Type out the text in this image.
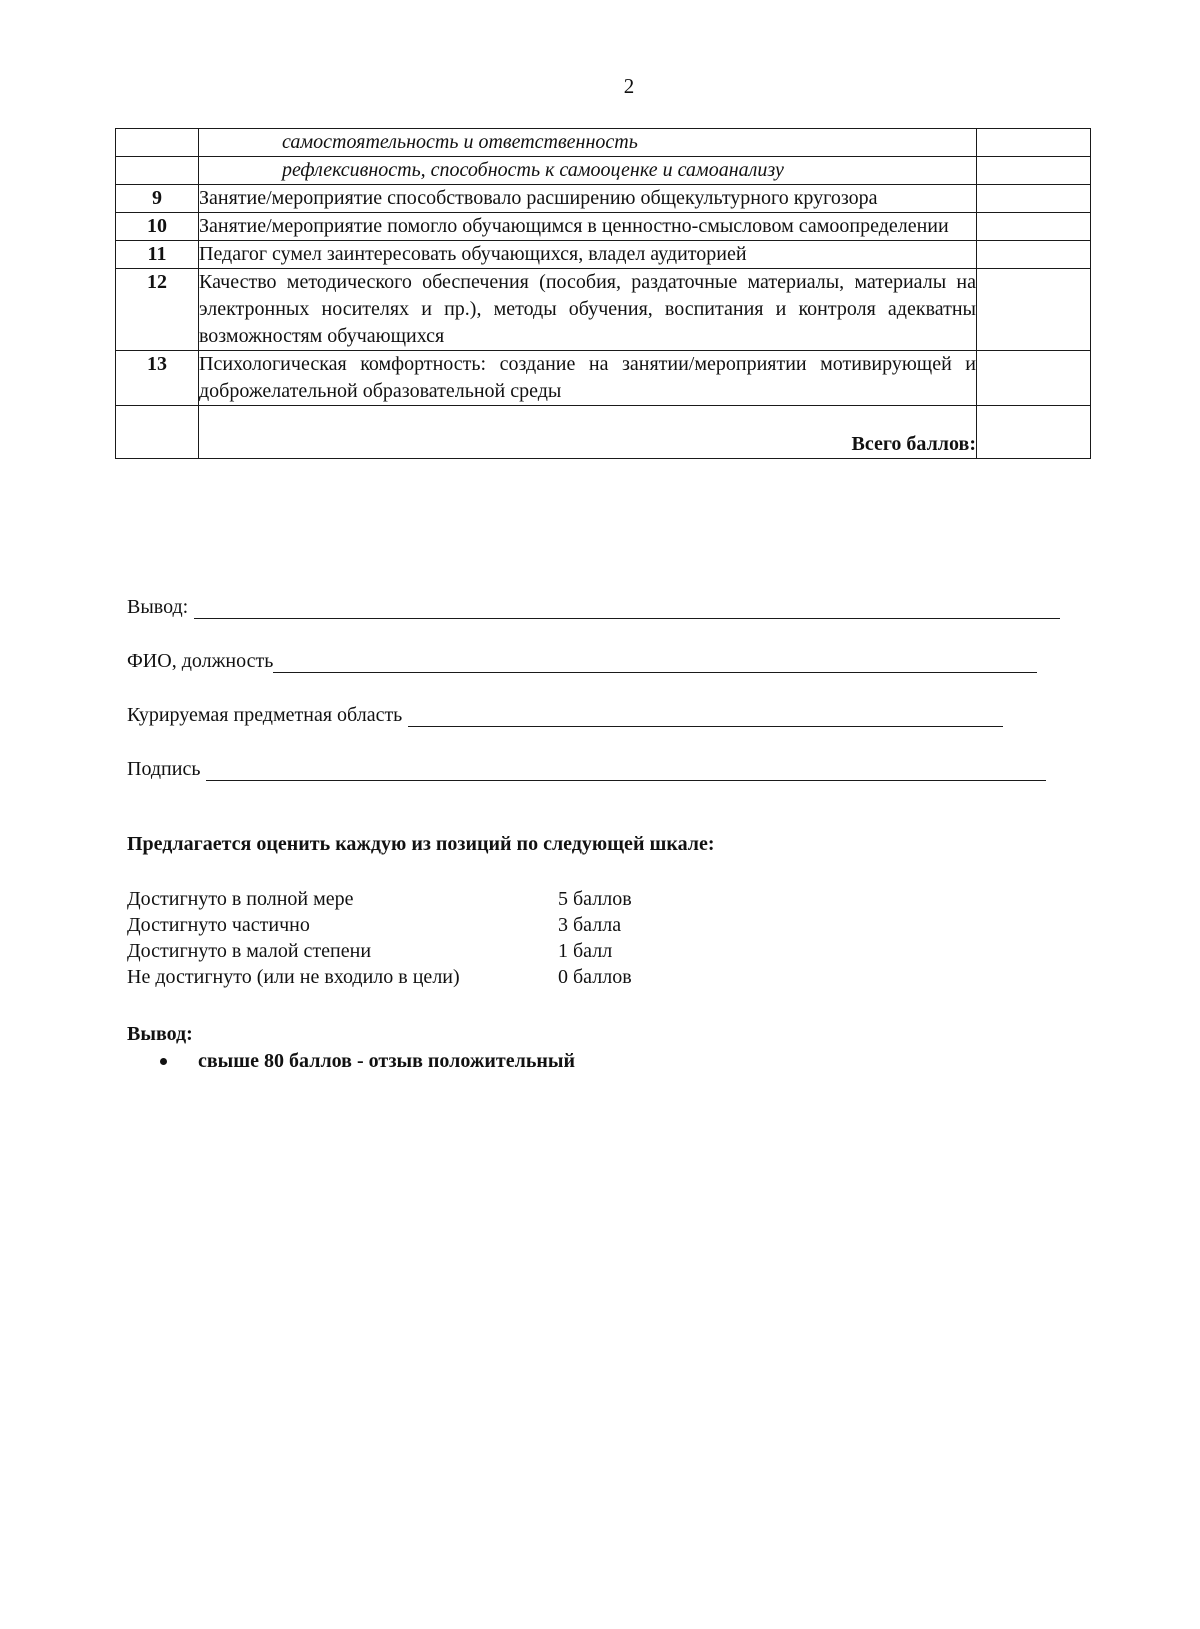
2
	самостоятельность и ответственность	
	рефлексивность, способность к самооценке и самоанализу	
9	Занятие/мероприятие способствовало расширению общекультурного кругозора	
10	Занятие/мероприятие помогло обучающимся в ценностно-смысловом самоопределении	
11	Педагог сумел заинтересовать обучающихся, владел аудиторией	
12	Качество методического обеспечения (пособия, раздаточные материалы, материалы на электронных носителях и пр.), методы обучения, воспитания и контроля адекватны возможностям обучающихся	
13	Психологическая комфортность: создание на занятии/мероприятии мотивирующей и доброжелательной образовательной среды	
	Всего баллов:	
Вывод:
ФИО, должность
Курируемая предметная область
Подпись
Предлагается оценить каждую из позиций по следующей шкале:
Достигнуто в полной мере	5 баллов
Достигнуто частично	3 балла
Достигнуто в малой степени	1 балл
Не достигнуто (или не входило в цели)	0 баллов
Вывод:
свыше 80 баллов - отзыв положительный
